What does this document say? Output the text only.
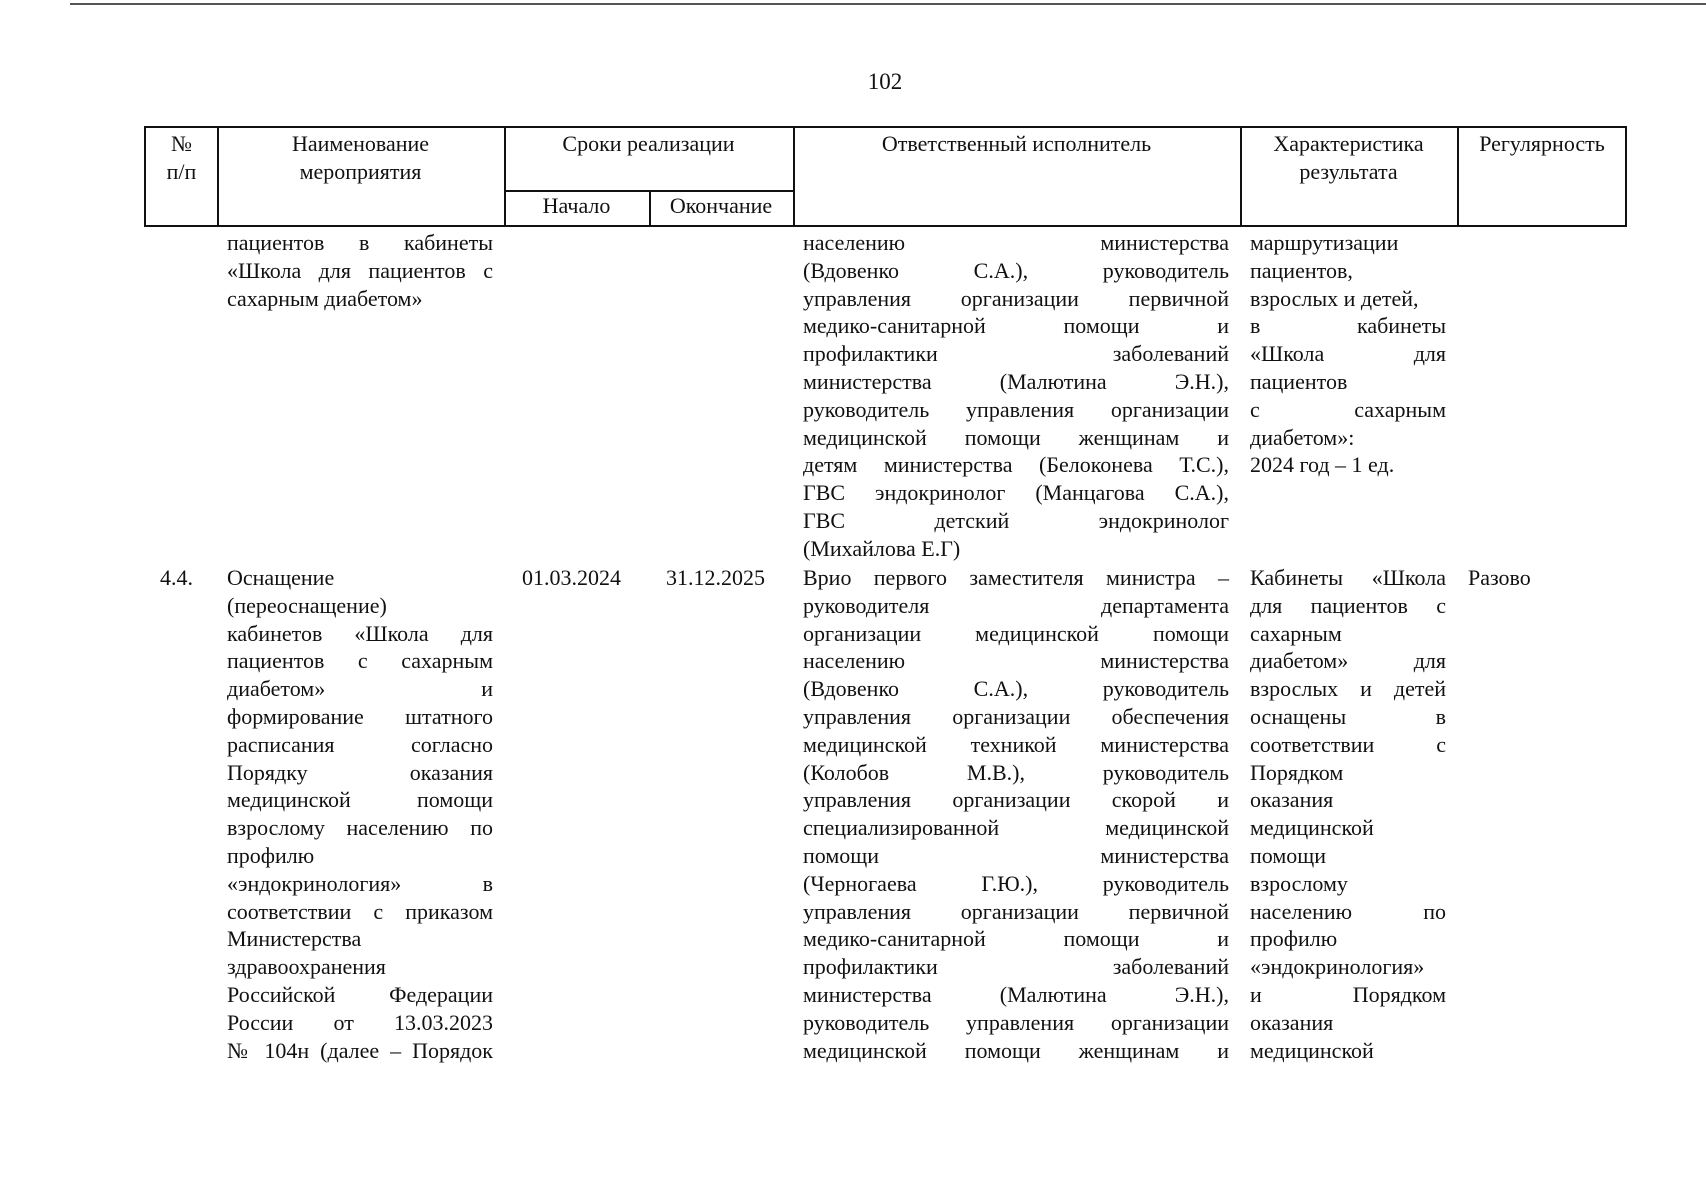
102
№
п/п
Наименование
мероприятия
Сроки реализации
Начало	Окончание
Ответственный исполнитель	Характеристика
результата
Регулярность
пациентов в кабинеты
«Школа для пациентов с
сахарным диабетом»
населению министерства
(Вдовенко С.А.), руководитель
управления организации первичной
медико-санитарной помощи и
профилактики заболеваний
министерства (Малютина Э.Н.),
руководитель управления организации
медицинской помощи женщинам и
детям министерства (Белоконева Т.С.),
ГВС эндокринолог (Манцагова С.А.),
ГВС детский эндокринолог
(Михайлова Е.Г)
маршрутизации
пациентов,
взрослых и детей,
в кабинеты
«Школа для
пациентов
с сахарным
диабетом»:
2024 год – 1 ед.
4.4. Оснащение
(переоснащение)
кабинетов «Школа для
пациентов с сахарным
диабетом» и
формирование штатного
расписания согласно
Порядку оказания
медицинской помощи
взрослому населению по
профилю
«эндокринология» в
соответствии с приказом
Министерства
здравоохранения
Российской Федерации
России от 13.03.2023
№ 104н (далее – Порядок
01.03.2024 31.12.2025 Врио первого заместителя министра –
руководителя департамента
организации медицинской помощи
населению министерства
(Вдовенко С.А.), руководитель
управления организации обеспечения
медицинской техникой министерства
(Колобов М.В.), руководитель
управления организации скорой и
специализированной медицинской
помощи министерства
(Черногаева Г.Ю.), руководитель
управления организации первичной
медико-санитарной помощи и
профилактики заболеваний
министерства (Малютина Э.Н.),
руководитель управления организации
медицинской помощи женщинам и
Кабинеты «Школа
для пациентов с
сахарным
диабетом» для
взрослых и детей
оснащены в
соответствии с
Порядком
оказания
медицинской
помощи
взрослому
населению по
профилю
«эндокринология»
и Порядком
оказания
медицинской
Разово
